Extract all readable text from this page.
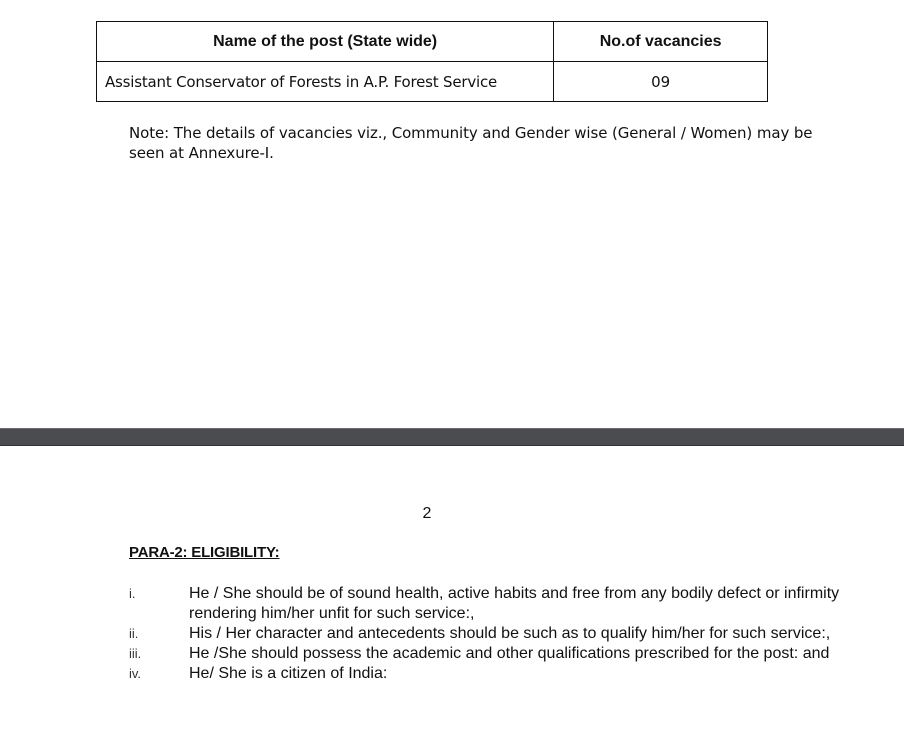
Name of the post (State wide)	No.of vacancies
Assistant Conservator of Forests in A.P. Forest Service	09
Note: The details of vacancies viz., Community and Gender wise (General / Women) may be seen at Annexure-I.
2
PARA-2: ELIGIBILITY:
i.	He / She should be of sound health, active habits and free from any bodily defect or infirmity rendering him/her unfit for such service:,
ii.	His / Her character and antecedents should be such as to qualify him/her for such service:,
iii.	He /She should possess the academic and other qualifications prescribed for the post: and
iv.	He/ She is a citizen of India:
